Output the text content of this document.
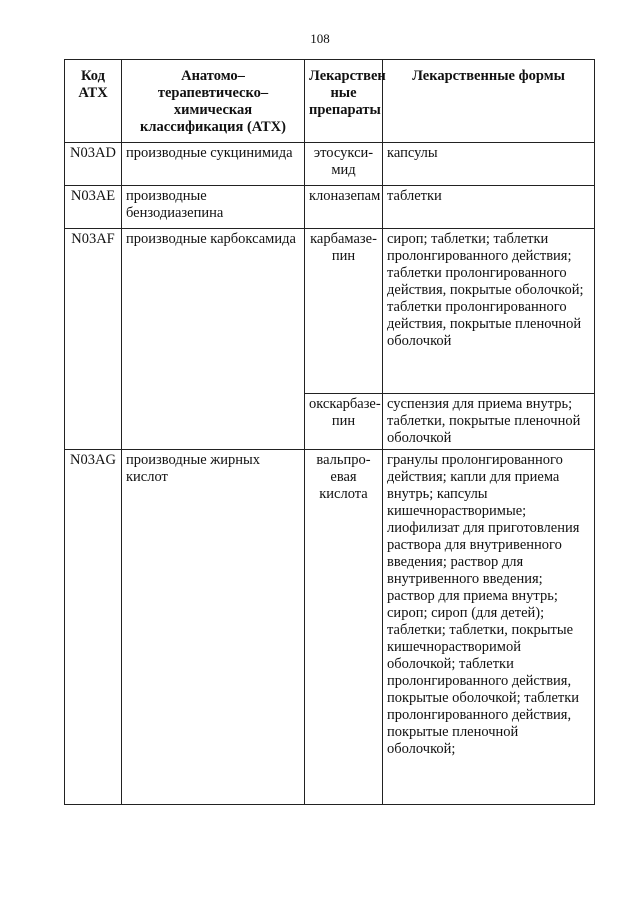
108
Код АТХ	Анатомо–терапевтическо–химическая классификация (АТХ)	Лекарствен ные препараты	Лекарственные формы
N03AD	производные сукцинимида	этосукси-мид	капсулы
N03AE	производные бензодиазепина	клоназепам	таблетки
N03AF	производные карбоксамида	карбамазе-пин	сироп; таблетки; таблетки пролонгированного действия; таблетки пролонгированного действия, покрытые оболочкой; таблетки пролонгированного действия, покрытые пленочной оболочкой
		окскарбазе-пин	суспензия для приема внутрь; таблетки, покрытые пленочной оболочкой
N03AG	производные жирных кислот	вальпро-евая кислота	гранулы пролонгированного действия; капли для приема внутрь; капсулы кишечнорастворимые; лиофилизат для приготовления раствора для внутривенного введения; раствор для внутривенного введения; раствор для приема внутрь; сироп; сироп (для детей); таблетки; таблетки, покрытые кишечнорастворимой оболочкой; таблетки пролонгированного действия, покрытые оболочкой; таблетки пролонгированного действия, покрытые пленочной оболочкой;
